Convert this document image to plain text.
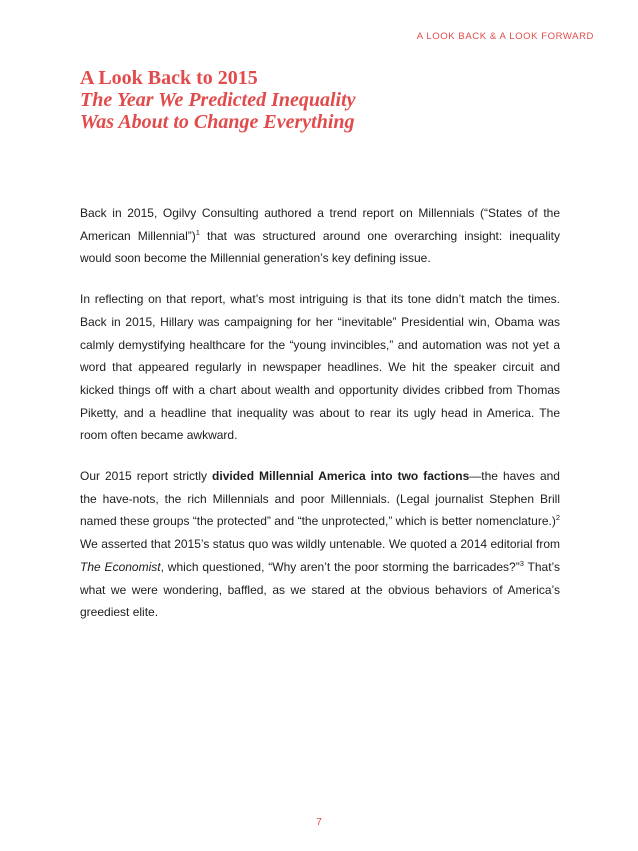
A LOOK BACK & A LOOK FORWARD
A Look Back to 2015
The Year We Predicted Inequality
Was About to Change Everything

Back in 2015, Ogilvy Consulting authored a trend report on Millennials (“States of the American Millennial”)$^1$ that was structured around one overarching insight: inequality would soon become the Millennial generation’s key defining issue.

In reflecting on that report, what’s most intriguing is that its tone didn’t match the times. Back in 2015, Hillary was campaigning for her “inevitable” Presidential win, Obama was calmly demystifying healthcare for the “young invincibles,” and automation was not yet a word that appeared regularly in newspaper headlines. We hit the speaker circuit and kicked things off with a chart about wealth and opportunity divides cribbed from Thomas Piketty, and a headline that inequality was about to rear its ugly head in America. The room often became awkward.

Our 2015 report strictly divided Millennial America into two factions—the haves and the have-nots, the rich Millennials and poor Millennials. (Legal journalist Stephen Brill named these groups “the protected” and “the unprotected,” which is better nomenclature.)$^2$ We asserted that 2015’s status quo was wildly untenable. We quoted a 2014 editorial from The Economist, which questioned, “Why aren’t the poor storming the barricades?”$^3$ That’s what we were wondering, baffled, as we stared at the obvious behaviors of America’s greediest elite.

7
